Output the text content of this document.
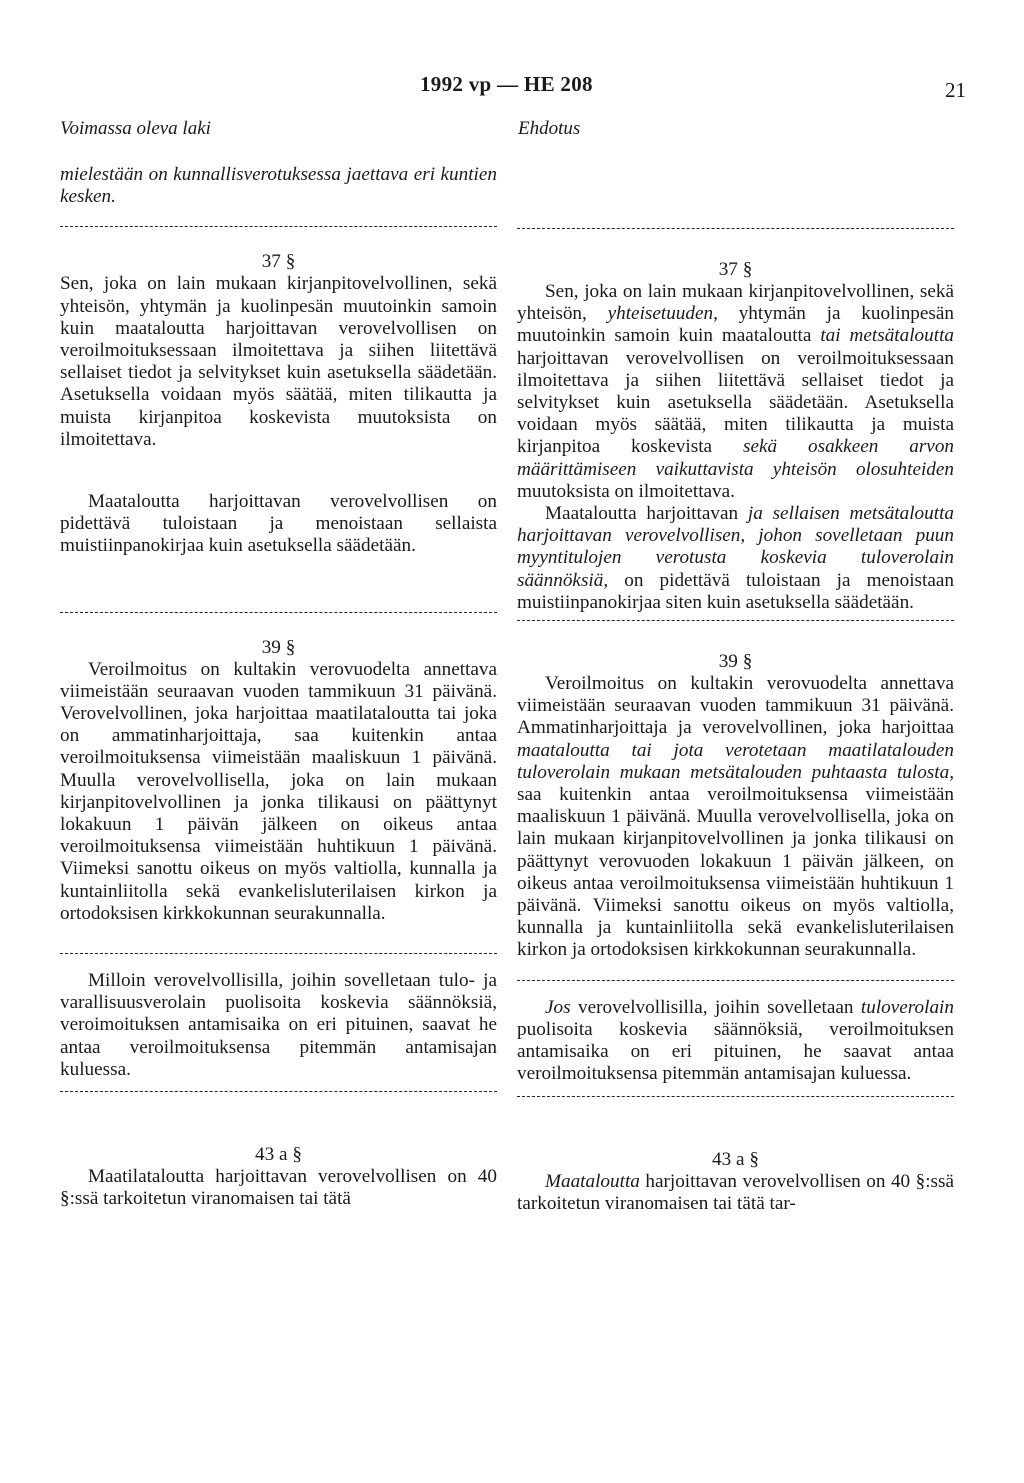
1992 vp — HE 208	21
Voimassa oleva laki

mielestään on kunnallisverotuksessa jaettava eri kuntien kesken.

37 §

Sen, joka on lain mukaan kirjanpitovelvollinen, sekä yhteisön, yhtymän ja kuolinpesän muutoinkin samoin kuin maataloutta harjoittavan verovelvollisen on veroilmoituksessaan ilmoitettava ja siihen liitettävä sellaiset tiedot ja selvitykset kuin asetuksella säädetään. Asetuksella voidaan myös säätää, miten tilikautta ja muista kirjanpitoa koskevista muutoksista on ilmoitettava.

Maataloutta harjoittavan verovelvollisen on pidettävä tuloistaan ja menoistaan sellaista muistiinpanokirjaa kuin asetuksella säädetään.

39 §

Veroilmoitus on kultakin verovuodelta annettava viimeistään seuraavan vuoden tammikuun 31 päivänä. Verovelvollinen, joka harjoittaa maatilataloutta tai joka on ammatinharjoittaja, saa kuitenkin antaa veroilmoituksensa viimeistään maaliskuun 1 päivänä. Muulla verovelvollisella, joka on lain mukaan kirjanpitovelvollinen ja jonka tilikausi on päättynyt lokakuun 1 päivän jälkeen on oikeus antaa veroilmoituksensa viimeistään huhtikuun 1 päivänä. Viimeksi sanottu oikeus on myös valtiolla, kunnalla ja kuntainliitolla sekä evankelisluterilaisen kirkon ja ortodoksisen kirkkokunnan seurakunnalla.

Milloin verovelvollisilla, joihin sovelletaan tulo- ja varallisuusverolain puolisoita koskevia säännöksiä, veroimoituksen antamisaika on eri pituinen, saavat he antaa veroilmoituksensa pitemmän antamisajan kuluessa.

43 a §

Maatilataloutta harjoittavan verovelvollisen on 40 §:ssä tarkoitetun viranomaisen tai tätä

Ehdotus
37 §

Sen, joka on lain mukaan kirjanpitovelvollinen, sekä yhteisön, yhteisetuuden, yhtymän ja kuolinpesän muutoinkin samoin kuin maataloutta tai metsätaloutta harjoittavan verovelvollisen on veroilmoituksessaan ilmoitettava ja siihen liitettävä sellaiset tiedot ja selvitykset kuin asetuksella säädetään. Asetuksella voidaan myös säätää, miten tilikautta ja muista kirjanpitoa koskevista sekä osakkeen arvon määrittämiseen vaikuttavista yhteisön olosuhteiden muutoksista on ilmoitettava.

Maataloutta harjoittavan ja sellaisen metsätaloutta harjoittavan verovelvollisen, johon sovelletaan puun myyntitulojen verotusta koskevia tuloverolain säännöksiä, on pidettävä tuloistaan ja menoistaan muistiinpanokirjaa siten kuin asetuksella säädetään.

39 §

Veroilmoitus on kultakin verovuodelta annettava viimeistään seuraavan vuoden tammikuun 31 päivänä. Ammatinharjoittaja ja verovelvollinen, joka harjoittaa maataloutta tai jota verotetaan maatilatalouden tuloverolain mukaan metsätalouden puhtaasta tulosta, saa kuitenkin antaa veroilmoituksensa viimeistään maaliskuun 1 päivänä. Muulla verovelvollisella, joka on lain mukaan kirjanpitovelvollinen ja jonka tilikausi on päättynyt verovuoden lokakuun 1 päivän jälkeen, on oikeus antaa veroilmoituksensa viimeistään huhtikuun 1 päivänä. Viimeksi sanottu oikeus on myös valtiolla, kunnalla ja kuntainliitolla sekä evankelisluterilaisen kirkon ja ortodoksisen kirkkokunnan seurakunnalla.

Jos verovelvollisilla, joihin sovelletaan tuloverolain puolisoita koskevia säännöksiä, veroilmoituksen antamisaika on eri pituinen, he saavat antaa veroilmoituksensa pitemmän antamisajan kuluessa.

43 a §

Maataloutta harjoittavan verovelvollisen on 40 §:ssä tarkoitetun viranomaisen tai tätä tar-
